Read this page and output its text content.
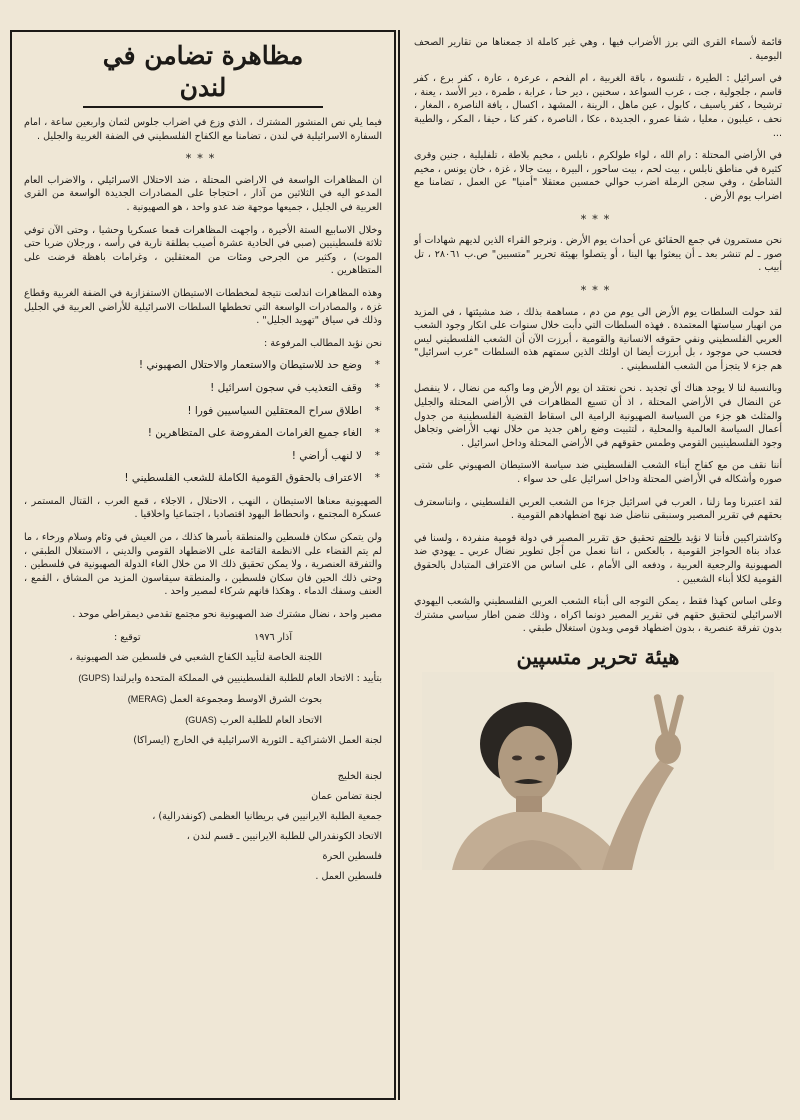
قائمة لأسماء القرى التي برز الأضراب فيها ، وهي غير كاملة اذ جمعناها من تقارير الصحف اليومية .

في اسرائيل : الطيرة ، تلنسوة ، باقة الغربية ، ام الفحم ، عرعرة ، عارة ، كفر برع ، كفر قاسم ، جلجولية ، جت ، عرب السواعد ، سخنين ، دير حنا ، عرابة ، طمرة ، دير الأسد ، يعنة ، ترشيحا ، كفر ياسيف ، كابول ، عين ماهل ، الرينة ، المشهد ، اكسال ، يافة الناصرة ، المغار ، نحف ، عيلبون ، معليا ، شفا عمرو ، الجديدة ، عكا ، الناصرة ، كفر كنا ، حيفا ، المكر ، والطيبة ...

في الأراضي المحتلة : رام الله ، لواء طولكرم ، نابلس ، مخيم بلاطة ، تلفليلية ، جنين وقرى كثيرة في مناطق نابلس ، بيت لحم ، بيت ساحور ، البيرة ، بيت جالا ، غزة ، خان يونس ، مخيم الشاطئ ، وفي سجن الرملة اضرب حوالي خمسين معتقلا "أمنيا" عن العمل ، تضامنا مع اضراب يوم الأرض .

***

نحن مستمرون في جمع الحقائق عن أحداث يوم الأرض . ونرجو القراء الذين لديهم شهادات أو صور ـ لم تنشر بعد ـ أن يبعثوا بها الينا ، أو يتصلوا بهيئة تحرير "متسبين" ص.ب ٢٨٠٦١ ، تل أبيب .

***

لقد حولت السلطات يوم الأرض الى يوم من دم ، مساهمة بذلك ، ضد مشيئتها ، في المزيد من انهيار سياستها المعتمدة . فهذه السلطات التي دأبت خلال سنوات على انكار وجود الشعب العربي الفلسطيني ونفي حقوقه الانسانية والقومية ، أبرزت الآن أن الشعب الفلسطيني ليس فحسب حي موجود ، بل أبرزت أيضا ان اولئك الذين سمتهم هذه السلطات "عرب اسرائيل" هم جزء لا يتجزأ من الشعب الفلسطيني .

وبالنسبة لنا لا يوجد هناك أي تجديد . نحن نعتقد ان يوم الأرض وما واكبه من نضال ، لا ينفصل عن النضال في الأراضي المحتلة ، اذ أن تسيع المظاهرات في الأراضي المحتلة والجليل والمثلث هو جزء من السياسة الصهيونية الرامية الى اسقاط القضية الفلسطينية من جدول أعمال السياسة العالمية والمحلية ، لتثبيت وضع راهن جديد من خلال نهب الأراضي وتجاهل وجود الفلسطينيين القومي وطمس حقوقهم في الأراضي المحتلة وداخل اسرائيل .

أننا نقف من مع كفاح أبناء الشعب الفلسطيني ضد سياسة الاستيطان الصهيوني على شتى صوره وأشكاله في الأراضي المحتلة وداخل اسرائيل على حد سواء .

لقد اعتبرنا وما زلنا ، العرب في اسرائيل جزءا من الشعب العربي الفلسطيني ، وانناسعترف بحقهم في تقرير المصير وسنبقى نناضل ضد نهج اضطهادهم القومية .

وكاشتراكيين فأننا لا نؤيد بالحتم تحقيق حق تقرير المصير في دولة قومية منفردة ، ولسنا في عداد بناة الحواجز القومية ، بالعكس ، اننا نعمل من أجل تطوير نضال عربي ـ يهودي ضد الصهيونية والرجعية العربية ، ودفعه الى الأمام ، على اساس من الاعتراف المتبادل بالحقوق القومية لكلا أبناء الشعبين .

وعلى اساس كهذا فقط ، يمكن التوجه الى أبناء الشعب العربي الفلسطيني والشعب اليهودي الاسرائيلي لتحقيق حقهم في تقرير المصير دونما اكراه ، وذلك ضمن اطار سياسي مشترك بدون تفرقة عنصرية ، بدون اضطهاد قومي وبدون استغلال طبقي .

هيئة تحرير متسپين
مظاهرة تضامن في لندن

فيما يلي نص المنشور المشترك ، الذي وزع في اضراب جلوس لثمان واربعين ساعة ، امام السفارة الاسرائيلية في لندن ، تضامنا مع الكفاح الفلسطيني في الضفة الغربية والجليل .

***

ان المظاهرات الواسعة في الاراضي المحتلة ، ضد الاحتلال الاسرائيلي ، والاضراب العام المدعو اليه في الثلاثين من آذار ، احتجاجا على المصادرات الجديدة الواسعة من القرى العربية في الجليل ، جميعها موجهة ضد عدو واحد ، هو الصهيونية .

وخلال الاسابيع الستة الأخيرة ، واجهت المظاهرات قمعا عسكريا وحشيا ، وحتى الآن توفي ثلاثة فلسطينيين (صبي في الحادية عشرة أصيب بطلقة نارية في رأسه ، ورجلان ضربا حتى الموت) ، وكثير من الجرحى ومئات من المعتقلين ، وغرامات باهظة فرضت على المتظاهرين .

وهذه المظاهرات اندلعت نتيجة لمخططات الاستيطان الاستفزازية في الضفة الغربية وقطاع غزة ، والمصادرات الواسعة التي تخططها السلطات الاسرائيلية للأراضي العربية في الجليل وذلك في سياق "تهويد الجليل" .

نحن نؤيد المطالب المرفوعة :

*
وضع حد للاستيطان والاستعمار والاحتلال الصهيوني !
*
وقف التعذيب في سجون اسرائيل !
*
اطلاق سراح المعتقلين السياسيين فورا !
*
الغاء جميع الغرامات المفروضة على المتظاهرين !
*
لا لنهب أراضي !
*
الاعتراف بالحقوق القومية الكاملة للشعب الفلسطيني !

الصهيونية معناها الاستيطان ، النهب ، الاحتلال ، الاجلاء ، قمع العرب ، القتال المستمر ، عسكرة المجتمع ، وانحطاط اليهود اقتصاديا ، اجتماعيا واخلاقيا .

ولن يتمكن سكان فلسطين والمنطقة بأسرها كذلك ، من العيش في وئام وسلام ورخاء ، ما لم يتم القضاء على الانظمة القائمة على الاضطهاد القومي والديني ، الاستغلال الطبقي ، والتفرقة العنصرية ، ولا يمكن تحقيق ذلك الا من خلال الغاء الدولة الصهيونية في فلسطين . وحتى ذلك الحين فان سكان فلسطين ، والمنطقة سيقاسون المزيد من المشاق ، القمع ، العنف وسفك الدماء . وهكذا فانهم شركاء لمصير واحد .

مصير واحد ، نضال مشترك ضد الصهيونية نحو مجتمع تقدمي ديمقراطي موحد .

آذار ١٩٧٦
توقيع :
اللجنة الخاصة لتأييد الكفاح الشعبي في فلسطين ضد الصهيونية ،
بتأييد : الاتحاد العام للطلبة الفلسطينيين في المملكة المتحدة وايرلندا (GUPS)
بحوث الشرق الاوسط ومجموعة العمل (MERAG)
الاتحاد العام للطلبة العرب (GUAS)
لجنة العمل الاشتراكية ـ الثورية الاسرائيلية في الخارج (ايسراكا)
لجنة الخليج
لجنة تضامن عمان
جمعية الطلبة الايرانيين في بريطانيا العظمى (كونفدرالية) ،
الاتحاد الكونفدرالي للطلبة الايرانيين ـ قسم لندن ،
فلسطين الحرة
فلسطين العمل .
